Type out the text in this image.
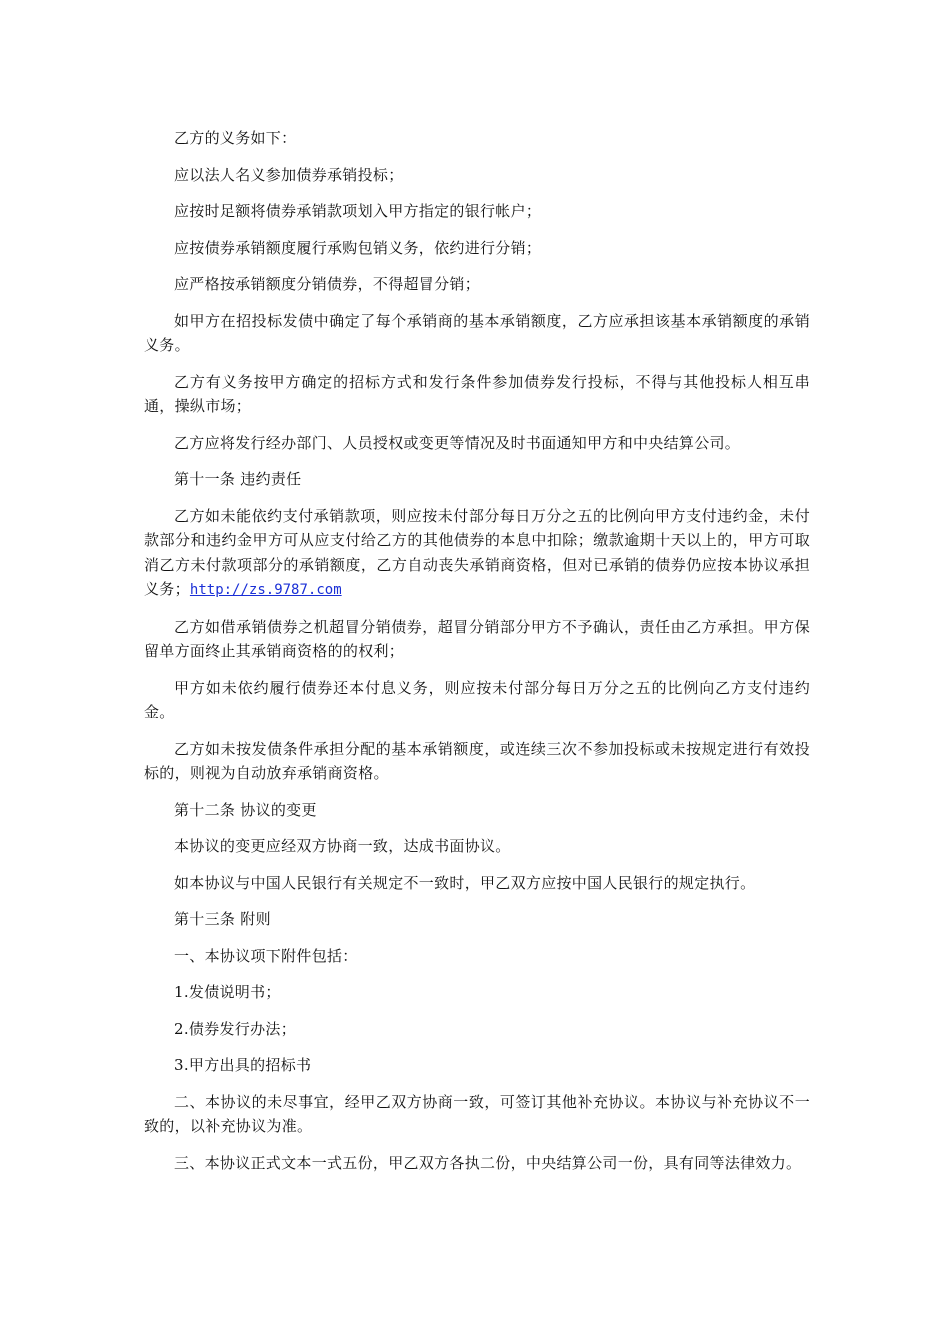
乙方的义务如下：

应以法人名义参加债券承销投标；

应按时足额将债券承销款项划入甲方指定的银行帐户；

应按债券承销额度履行承购包销义务，依约进行分销；

应严格按承销额度分销债券，不得超冒分销；

如甲方在招投标发债中确定了每个承销商的基本承销额度，乙方应承担该基本承销额度的承销义务。

乙方有义务按甲方确定的招标方式和发行条件参加债券发行投标，不得与其他投标人相互串通，操纵市场；

乙方应将发行经办部门、人员授权或变更等情况及时书面通知甲方和中央结算公司。

第十一条 违约责任

乙方如未能依约支付承销款项，则应按未付部分每日万分之五的比例向甲方支付违约金，未付款部分和违约金甲方可从应支付给乙方的其他债券的本息中扣除；缴款逾期十天以上的，甲方可取消乙方未付款项部分的承销额度，乙方自动丧失承销商资格，但对已承销的债券仍应按本协议承担义务；http://zs.9787.com

乙方如借承销债券之机超冒分销债券，超冒分销部分甲方不予确认，责任由乙方承担。甲方保留单方面终止其承销商资格的的权利；

甲方如未依约履行债券还本付息义务，则应按未付部分每日万分之五的比例向乙方支付违约金。

乙方如未按发债条件承担分配的基本承销额度，或连续三次不参加投标或未按规定进行有效投标的，则视为自动放弃承销商资格。

第十二条 协议的变更

本协议的变更应经双方协商一致，达成书面协议。

如本协议与中国人民银行有关规定不一致时，甲乙双方应按中国人民银行的规定执行。

第十三条 附则

一、本协议项下附件包括：

1.发债说明书；

2.债券发行办法；

3.甲方出具的招标书

二、本协议的未尽事宜，经甲乙双方协商一致，可签订其他补充协议。本协议与补充协议不一致的，以补充协议为准。

三、本协议正式文本一式五份，甲乙双方各执二份，中央结算公司一份，具有同等法律效力。
